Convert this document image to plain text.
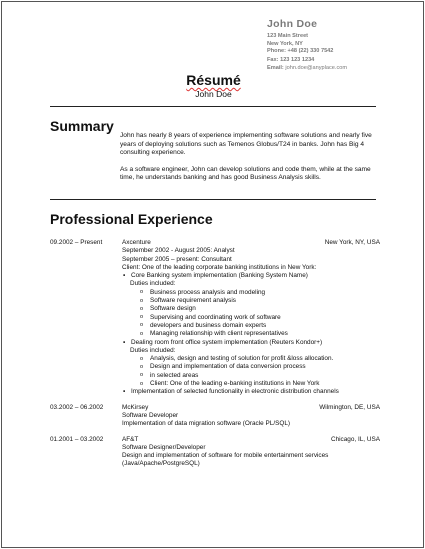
John Doe
123 Main Street
New York, NY
Phone: +48 (22) 330 7542
Fax: 123 123 1234
Email: john.doe@anyplace.com
Résumé
John Doe
Summary

John has nearly 8 years of experience implementing software solutions and nearly five years of deploying solutions such as Temenos Globus/T24 in banks. John has Big 4 consulting experience.

As a software engineer, John can develop solutions and code them, while at the same time, he understands banking and has good Business Analysis skills.

Professional Experience
09.2002 – Present	Axcenture	New York, NY, USA
September 2002 - August 2005: Analyst
September 2005 – present: Consultant
Client: One of the leading corporate banking institutions in New York:
▪ Core Banking system implementation (Banking System Name)
Duties included:
o Business process analysis and modeling
o Software requirement analysis
o Software design
o Supervising and coordinating work of software
o developers and business domain experts
o Managing relationship with client representatives
▪ Dealing room front office system implementation (Reuters Kondor+)
Duties included:
o Analysis, design and testing of solution for profit &loss allocation.
o Design and implementation of data conversion process
o in selected areas
o Client: One of the leading e-banking institutions in New York
▪ Implementation of selected functionality in electronic distribution channels
03.2002 – 06.2002	McKirsey	Wilmington, DE, USA
Software Developer
Implementation of data migration software (Oracle PL/SQL)
01.2001 – 03.2002	AF&T	Chicago, IL, USA
Software Designer/Developer
Design and implementation of software for mobile entertainment services
(Java/Apache/PostgreSQL)
